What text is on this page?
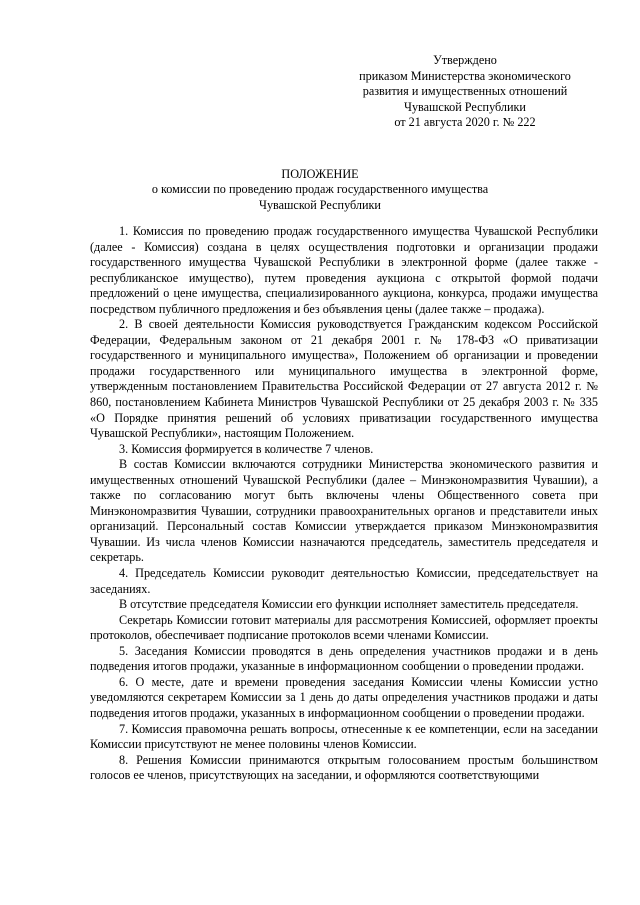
Утверждено
приказом Министерства экономического
развития и имущественных отношений
Чувашской Республики
от 21 августа 2020 г. № 222
ПОЛОЖЕНИЕ
о комиссии по проведению продаж государственного имущества
Чувашской Республики

1. Комиссия по проведению продаж государственного имущества Чувашской Республики (далее - Комиссия) создана в целях осуществления подготовки и организации продажи государственного имущества Чувашской Республики в электронной форме (далее также - республиканское имущество), путем проведения аукциона с открытой формой подачи предложений о цене имущества, специализированного аукциона, конкурса, продажи имущества посредством публичного предложения и без объявления цены (далее также – продажа).

2. В своей деятельности Комиссия руководствуется Гражданским кодексом Российской Федерации, Федеральным законом от 21 декабря 2001 г. № 178-ФЗ «О приватизации государственного и муниципального имущества», Положением об организации и проведении продажи государственного или муниципального имущества в электронной форме, утвержденным постановлением Правительства Российской Федерации от 27 августа 2012 г. № 860, постановлением Кабинета Министров Чувашской Республики от 25 декабря 2003 г. № 335 «О Порядке принятия решений об условиях приватизации государственного имущества Чувашской Республики», настоящим Положением.

3. Комиссия формируется в количестве 7 членов.

В состав Комиссии включаются сотрудники Министерства экономического развития и имущественных отношений Чувашской Республики (далее – Минэкономразвития Чувашии), а также по согласованию могут быть включены члены Общественного совета при Минэкономразвития Чувашии, сотрудники правоохранительных органов и представители иных организаций. Персональный состав Комиссии утверждается приказом Минэкономразвития Чувашии. Из числа членов Комиссии назначаются председатель, заместитель председателя и секретарь.

4. Председатель Комиссии руководит деятельностью Комиссии, председательствует на заседаниях.

В отсутствие председателя Комиссии его функции исполняет заместитель председателя.

Секретарь Комиссии готовит материалы для рассмотрения Комиссией, оформляет проекты протоколов, обеспечивает подписание протоколов всеми членами Комиссии.

5. Заседания Комиссии проводятся в день определения участников продажи и в день подведения итогов продажи, указанные в информационном сообщении о проведении продажи.

6. О месте, дате и времени проведения заседания Комиссии члены Комиссии устно уведомляются секретарем Комиссии за 1 день до даты определения участников продажи и даты подведения итогов продажи, указанных в информационном сообщении о проведении продажи.

7. Комиссия правомочна решать вопросы, отнесенные к ее компетенции, если на заседании Комиссии присутствуют не менее половины членов Комиссии.

8. Решения Комиссии принимаются открытым голосованием простым большинством голосов ее членов, присутствующих на заседании, и оформляются соответствующими
